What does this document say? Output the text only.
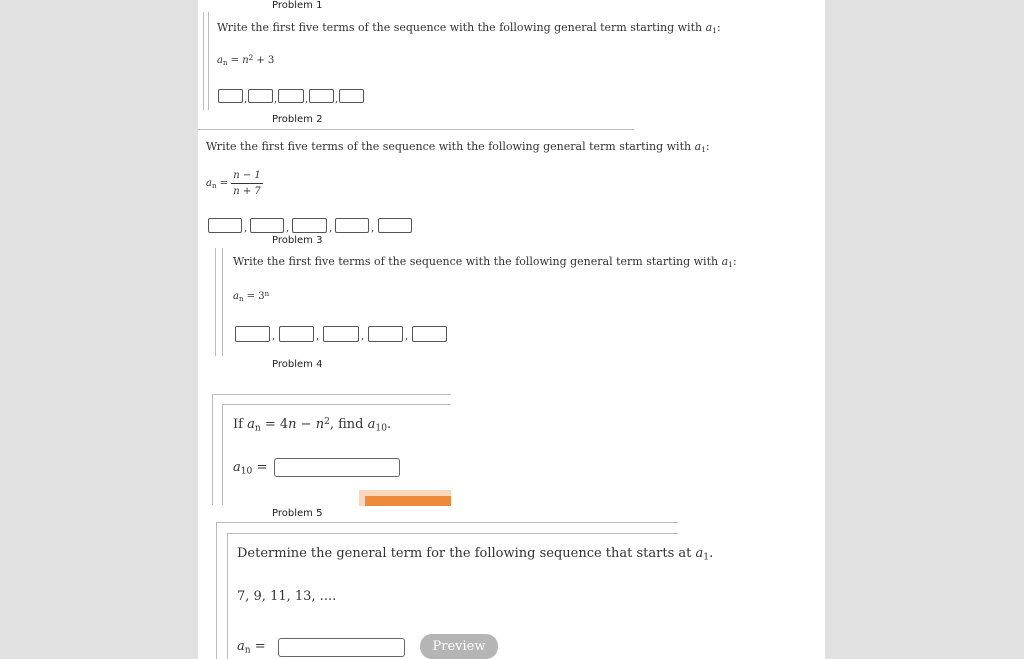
Problem 1
Write the first five terms of the sequence with the following general term starting with $a_1$:
$a_n = n^2 + 3$
,	,	,	,
Problem 2
Write the first five terms of the sequence with the following general term starting with $a_1$:
$a_n = \frac{n - 1}{n + 7}$
,	,	,	,
Problem 3
Write the first five terms of the sequence with the following general term starting with $a_1$:
$a_n = 3^n$
,	,	,	,
Problem 4
If $a_n = 4n - n^2$, find $a_{10}$.
$a_{10}$ =
Problem 5
Determine the general term for the following sequence that starts at $a_1$.
7, 9, 11, 13, ....
$a_n$ =	Preview
